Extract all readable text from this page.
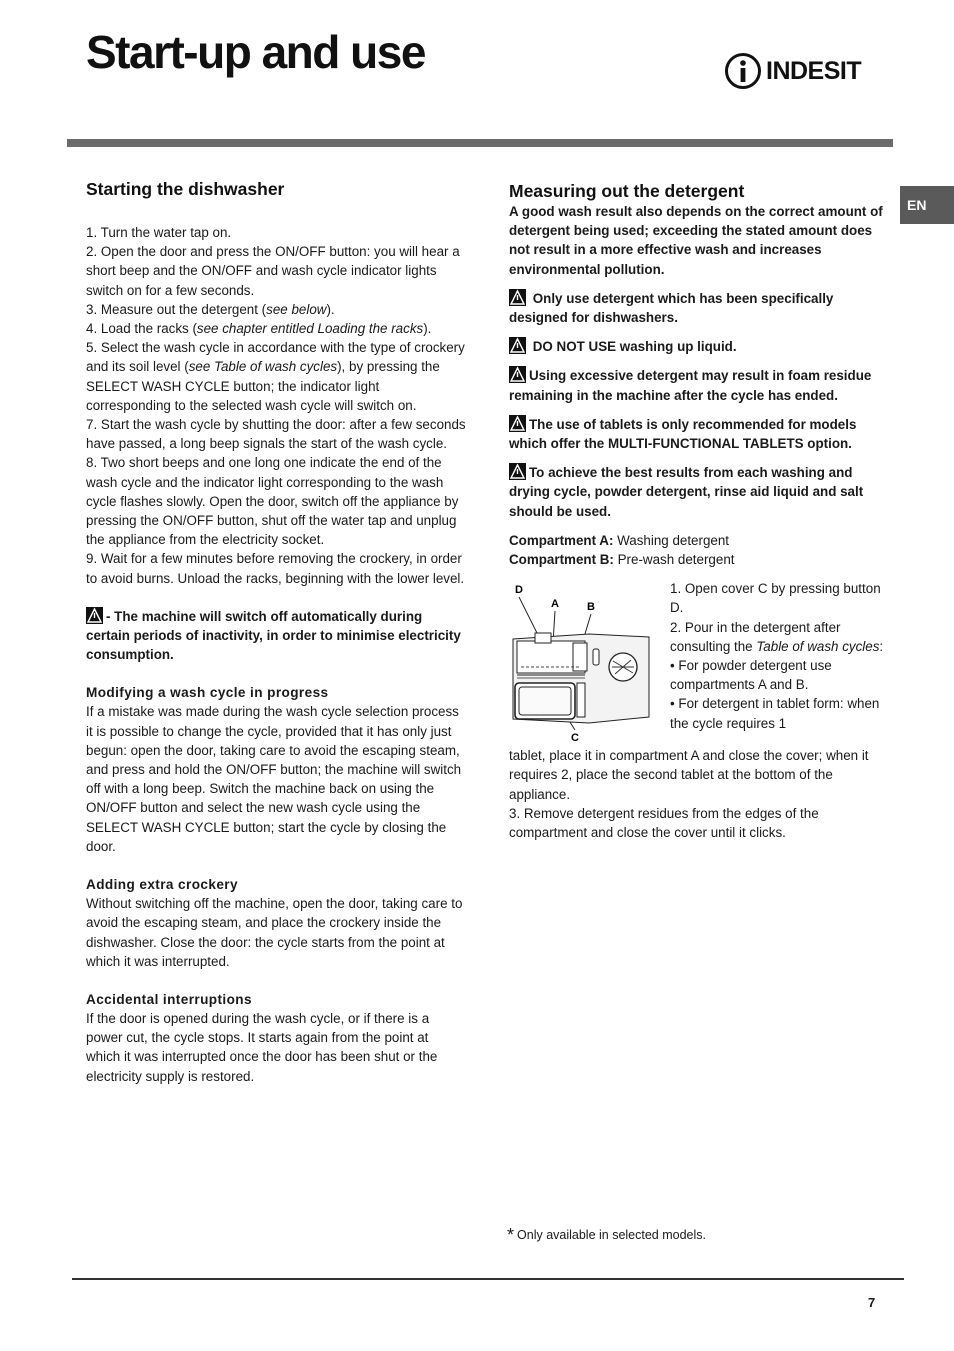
Start-up and use	INDESIT
EN
Starting the dishwasher

1. Turn the water tap on.

2. Open the door and press the ON/OFF button: you will hear a short beep and the ON/OFF and wash cycle indicator lights switch on for a few seconds.

3. Measure out the detergent (see below).

4. Load the racks (see chapter entitled Loading the racks).

5. Select the wash cycle in accordance with the type of crockery and its soil level (see Table of wash cycles), by pressing the SELECT WASH CYCLE button; the indicator light corresponding to the selected wash cycle will switch on.

7. Start the wash cycle by shutting the door: after a few seconds have passed, a long beep signals the start of the wash cycle.

8. Two short beeps and one long one indicate the end of the wash cycle and the indicator light corresponding to the wash cycle flashes slowly. Open the door, switch off the appliance by pressing the ON/OFF button, shut off the water tap and unplug the appliance from the electricity socket.

9. Wait for a few minutes before removing the crockery, in order to avoid burns. Unload the racks, beginning with the lower level.

- The machine will switch off automatically during certain periods of inactivity, in order to minimise electricity consumption.

Modifying a wash cycle in progress

If a mistake was made during the wash cycle selection process it is possible to change the cycle, provided that it has only just begun: open the door, taking care to avoid the escaping steam, and press and hold the ON/OFF button; the machine will switch off with a long beep. Switch the machine back on using the ON/OFF button and select the new wash cycle using the SELECT WASH CYCLE button; start the cycle by closing the door.

Adding extra crockery

Without switching off the machine, open the door, taking care to avoid the escaping steam, and place the crockery inside the dishwasher. Close the door: the cycle starts from the point at which it was interrupted.

Accidental interruptions

If the door is opened during the wash cycle, or if there is a power cut, the cycle stops. It starts again from the point at which it was interrupted once the door has been shut or the electricity supply is restored.

Measuring out the detergent

A good wash result also depends on the correct amount of detergent being used; exceeding the stated amount does not result in a more effective wash and increases environmental pollution.

Only use detergent which has been specifically designed for dishwashers.

DO NOT USE washing up liquid.

Using excessive detergent may result in foam residue remaining in the machine after the cycle has ended.

The use of tablets is only recommended for models which offer the MULTI-FUNCTIONAL TABLETS option.

To achieve the best results from each washing and drying cycle, powder detergent, rinse aid liquid and salt should be used.

Compartment A: Washing detergent

Compartment B: Pre-wash detergent

D
A	B
C

1. Open cover C by pressing button D.

2. Pour in the detergent after consulting the Table of wash cycles:

• For powder detergent use compartments A and B.

• For detergent in tablet form: when the cycle requires 1

tablet, place it in compartment A and close the cover; when it requires 2, place the second tablet at the bottom of the appliance.

3. Remove detergent residues from the edges of the compartment and close the cover until it clicks.

* Only available in selected models.
7
